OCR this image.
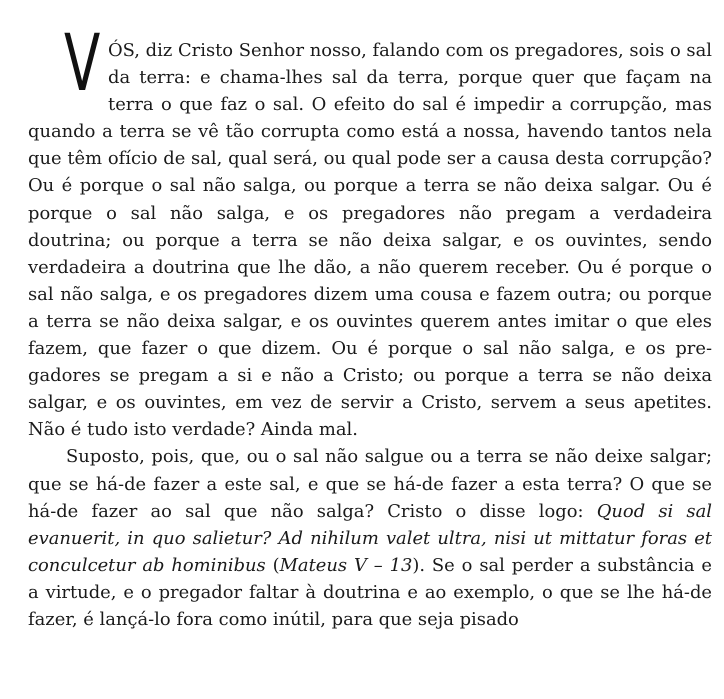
VÓS, diz Cristo Senhor nosso, falando com os pregadores, sois o sal da terra: e chama-lhes sal da terra, porque quer que façam na terra o que faz o sal. O efeito do sal é impedir a corrupção, mas quando a terra se vê tão corrupta como está a nossa, havendo tantos nela que têm ofício de sal, qual será, ou qual pode ser a causa desta corrupção? Ou é porque o sal não salga, ou porque a terra se não deixa salgar. Ou é porque o sal não salga, e os pregadores não pregam a verdadeira doutrina; ou porque a terra se não deixa salgar, e os ouvintes, sendo verdadeira a doutrina que lhe dão, a não querem receber. Ou é porque o sal não salga, e os pregadores dizem uma cousa e fazem outra; ou porque a terra se não deixa salgar, e os ouvintes querem antes imitar o que eles fazem, que fazer o que dizem. Ou é porque o sal não salga, e os pregadores se pregam a si e não a Cristo; ou porque a terra se não deixa salgar, e os ouvintes, em vez de servir a Cristo, servem a seus apetites. Não é tudo isto verdade? Ainda mal.

Suposto, pois, que, ou o sal não salgue ou a terra se não deixe salgar; que se há-de fazer a este sal, e que se há-de fazer a esta terra? O que se há-de fazer ao sal que não salga? Cristo o disse logo: Quod si sal evanuerit, in quo salietur? Ad nihilum valet ultra, nisi ut mittatur foras et conculcetur ab hominibus (Mateus V – 13). Se o sal perder a substância e a virtude, e o pregador faltar à doutrina e ao exemplo, o que se lhe há-de fazer, é lançá-lo fora como inútil, para que seja pisado
